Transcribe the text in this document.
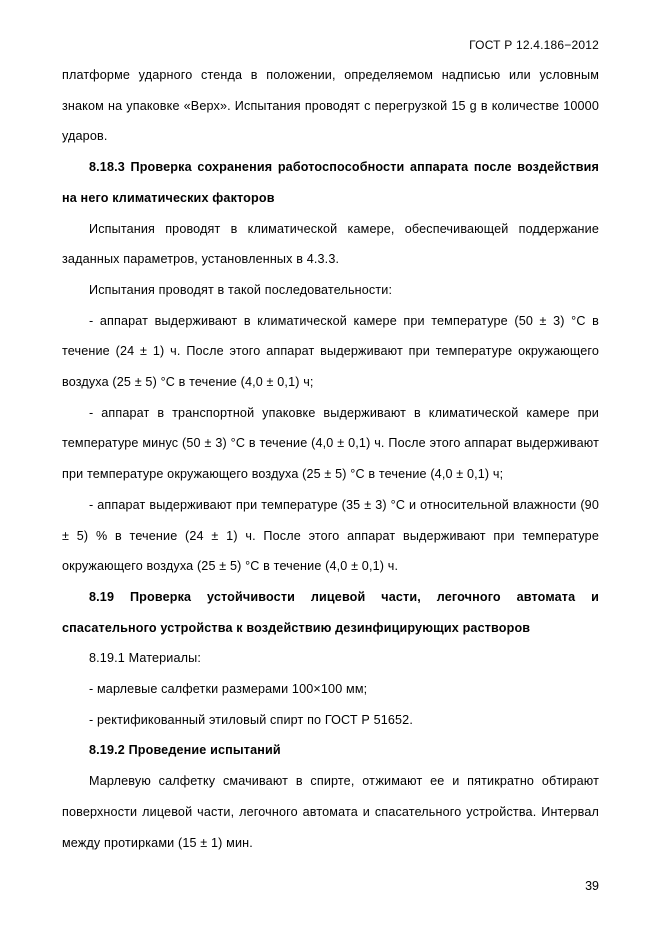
ГОСТ Р 12.4.186−2012

платформе ударного стенда в положении, определяемом надписью или условным знаком на упаковке «Верх». Испытания проводят с перегрузкой 15 g в количестве 10000 ударов.

8.18.3 Проверка сохранения работоспособности аппарата после воздействия на него климатических факторов

Испытания проводят в климатической камере, обеспечивающей поддержание заданных параметров, установленных в 4.3.3.

Испытания проводят в такой последовательности:

- аппарат выдерживают в климатической камере при температуре (50 ± 3) °С в течение (24 ± 1) ч. После этого аппарат выдерживают при температуре окружающего воздуха (25 ± 5) °С в течение (4,0 ± 0,1) ч;

- аппарат в транспортной упаковке выдерживают в климатической камере при температуре минус (50 ± 3) °С в течение (4,0 ± 0,1) ч. После этого аппарат выдерживают при температуре окружающего воздуха (25 ± 5) °С в течение (4,0 ± 0,1) ч;

- аппарат выдерживают при температуре (35 ± 3) °С и относительной влажности (90 ± 5) % в течение (24 ± 1) ч. После этого аппарат выдерживают при температуре окружающего воздуха (25 ± 5) °С в течение (4,0 ± 0,1) ч.

8.19 Проверка устойчивости лицевой части, легочного автомата и спасательного устройства к воздействию дезинфицирующих растворов

8.19.1 Материалы:

- марлевые салфетки размерами 100×100 мм;

- ректификованный этиловый спирт по ГОСТ Р 51652.

8.19.2 Проведение испытаний

Марлевую салфетку смачивают в спирте, отжимают ее и пятикратно обтирают поверхности лицевой части, легочного автомата и спасательного устройства. Интервал между протирками (15 ± 1) мин.

39
